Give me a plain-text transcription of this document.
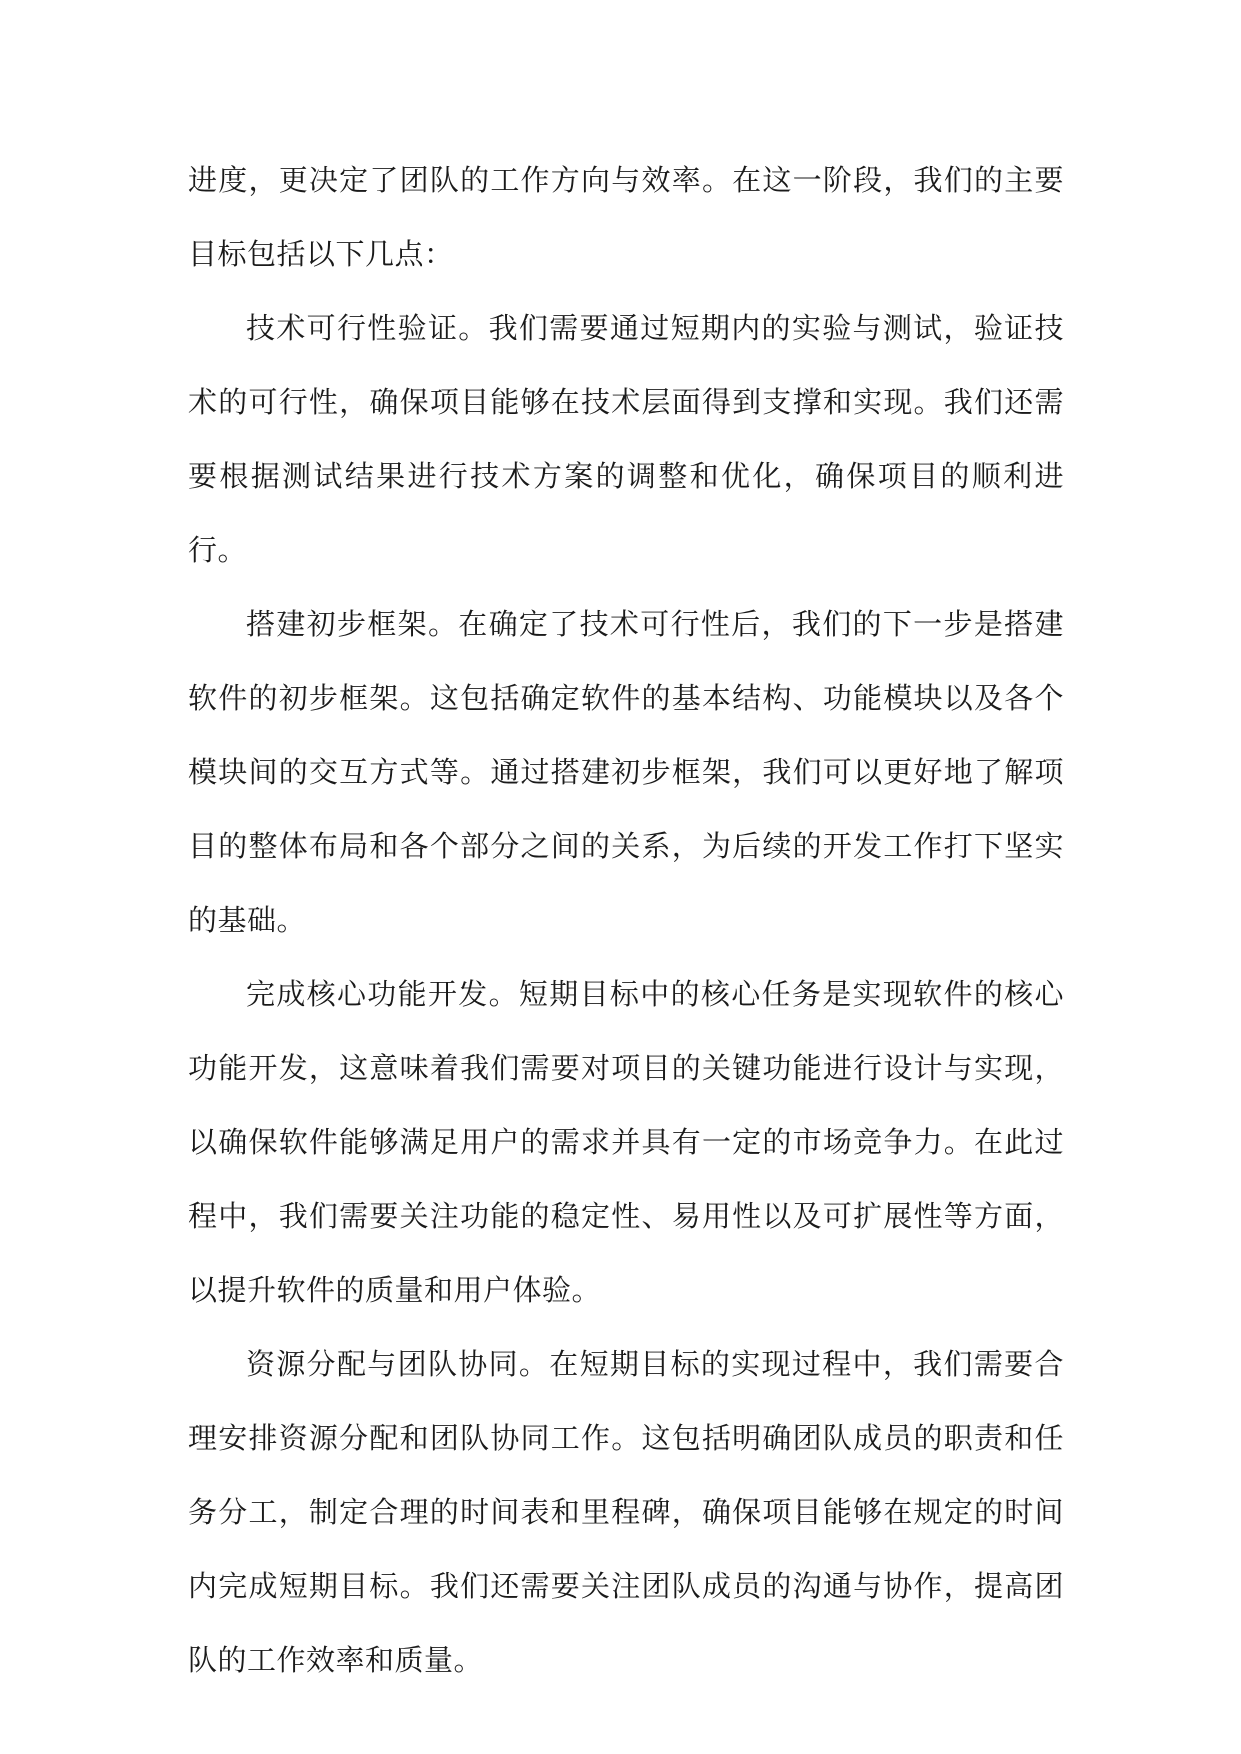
进度，更决定了团队的工作方向与效率。在这一阶段，我们的主要目标包括以下几点：

技术可行性验证。我们需要通过短期内的实验与测试，验证技术的可行性，确保项目能够在技术层面得到支撑和实现。我们还需要根据测试结果进行技术方案的调整和优化，确保项目的顺利进行。

搭建初步框架。在确定了技术可行性后，我们的下一步是搭建软件的初步框架。这包括确定软件的基本结构、功能模块以及各个模块间的交互方式等。通过搭建初步框架，我们可以更好地了解项目的整体布局和各个部分之间的关系，为后续的开发工作打下坚实的基础。

完成核心功能开发。短期目标中的核心任务是实现软件的核心功能开发，这意味着我们需要对项目的关键功能进行设计与实现，以确保软件能够满足用户的需求并具有一定的市场竞争力。在此过程中，我们需要关注功能的稳定性、易用性以及可扩展性等方面，以提升软件的质量和用户体验。

资源分配与团队协同。在短期目标的实现过程中，我们需要合理安排资源分配和团队协同工作。这包括明确团队成员的职责和任务分工，制定合理的时间表和里程碑，确保项目能够在规定的时间内完成短期目标。我们还需要关注团队成员的沟通与协作，提高团队的工作效率和质量。
